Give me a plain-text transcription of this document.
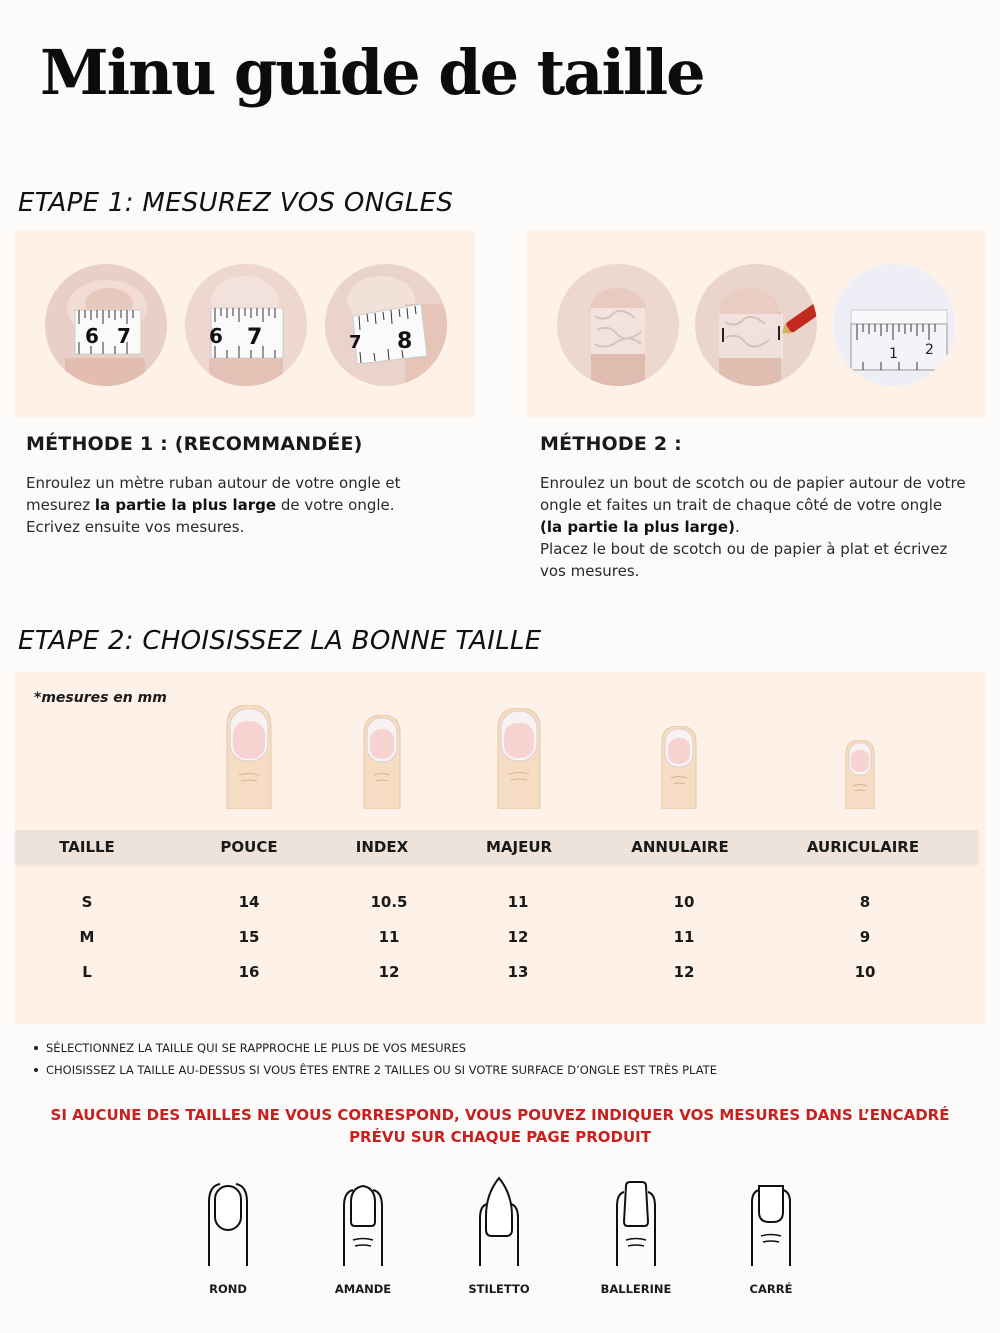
Minu guide de taille
ETAPE 1: MESUREZ VOS ONGLES
6 7	6 7	7 8	1 2
MÉTHODE 1 : (RECOMMANDÉE)
Enroulez un mètre ruban autour de votre ongle et
mesurez la partie la plus large de votre ongle.
Ecrivez ensuite vos mesures.
MÉTHODE 2 :
Enroulez un bout de scotch ou de papier autour de votre
ongle et faites un trait de chaque côté de votre ongle
(la partie la plus large).
Placez le bout de scotch ou de papier à plat et écrivez
vos mesures.
ETAPE 2: CHOISISSEZ LA BONNE TAILLE
*mesures en mm
TAILLE	POUCE	INDEX	MAJEUR	ANNULAIRE	AURICULAIRE
S	14	10.5	11	10	8
M	15	11	12	11	9
L	16	12	13	12	10
SÉLECTIONNEZ LA TAILLE QUI SE RAPPROCHE LE PLUS DE VOS MESURES
CHOISISSEZ LA TAILLE AU-DESSUS SI VOUS ÊTES ENTRE 2 TAILLES OU SI VOTRE SURFACE D’ONGLE EST TRÈS PLATE
SI AUCUNE DES TAILLES NE VOUS CORRESPOND, VOUS POUVEZ INDIQUER VOS MESURES DANS L’ENCADRÉ
PRÉVU SUR CHAQUE PAGE PRODUIT
ROND	AMANDE	STILETTO	BALLERINE	CARRÉ
